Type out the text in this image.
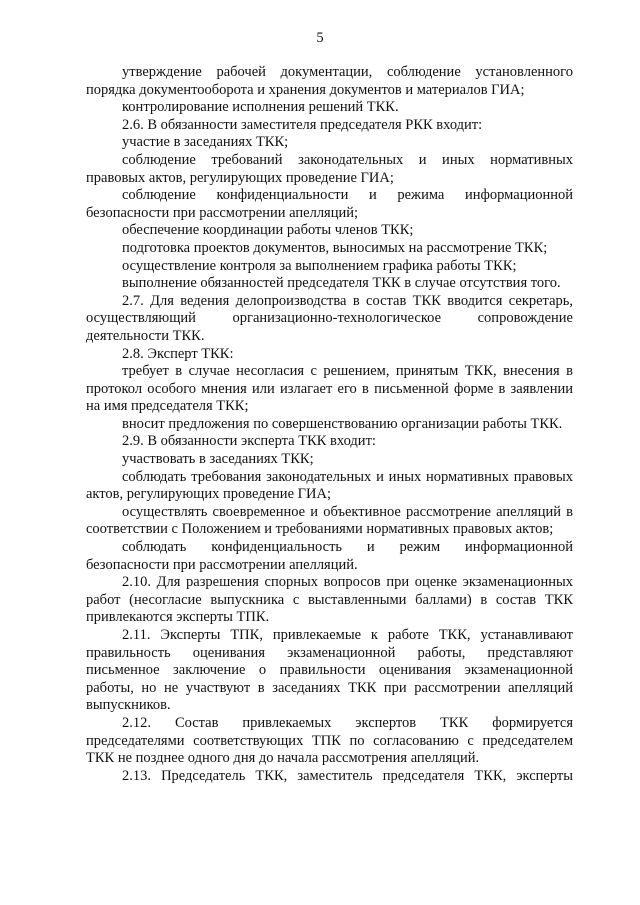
5

утверждение рабочей документации, соблюдение установленного порядка документооборота и хранения документов и материалов ГИА;

контролирование исполнения решений ТКК.

2.6. В обязанности заместителя председателя РКК входит:

участие в заседаниях ТКК;

соблюдение требований законодательных и иных нормативных правовых актов, регулирующих проведение ГИА;

соблюдение конфиденциальности и режима информационной безопасности при рассмотрении апелляций;

обеспечение координации работы членов ТКК;

подготовка проектов документов, выносимых на рассмотрение ТКК;

осуществление контроля за выполнением графика работы ТКК;

выполнение обязанностей председателя ТКК в случае отсутствия того.

2.7. Для ведения делопроизводства в состав ТКК вводится секретарь, осуществляющий организационно-технологическое сопровождение деятельности ТКК.

2.8. Эксперт ТКК:

требует в случае несогласия с решением, принятым ТКК, внесения в протокол особого мнения или излагает его в письменной форме в заявлении на имя председателя ТКК;

вносит предложения по совершенствованию организации работы ТКК.

2.9. В обязанности эксперта ТКК входит:

участвовать в заседаниях ТКК;

соблюдать требования законодательных и иных нормативных правовых актов, регулирующих проведение ГИА;

осуществлять своевременное и объективное рассмотрение апелляций в соответствии с Положением и требованиями нормативных правовых актов;

соблюдать конфиденциальность и режим информационной безопасности при рассмотрении апелляций.

2.10. Для разрешения спорных вопросов при оценке экзаменационных работ (несогласие выпускника с выставленными баллами) в состав ТКК привлекаются эксперты ТПК.

2.11. Эксперты ТПК, привлекаемые к работе ТКК, устанавливают правильность оценивания экзаменационной работы, представляют письменное заключение о правильности оценивания экзаменационной работы, но не участвуют в заседаниях ТКК при рассмотрении апелляций выпускников.

2.12. Состав привлекаемых экспертов ТКК формируется председателями соответствующих ТПК по согласованию с председателем ТКК не позднее одного дня до начала рассмотрения апелляций.

2.13. Председатель ТКК, заместитель председателя ТКК, эксперты
